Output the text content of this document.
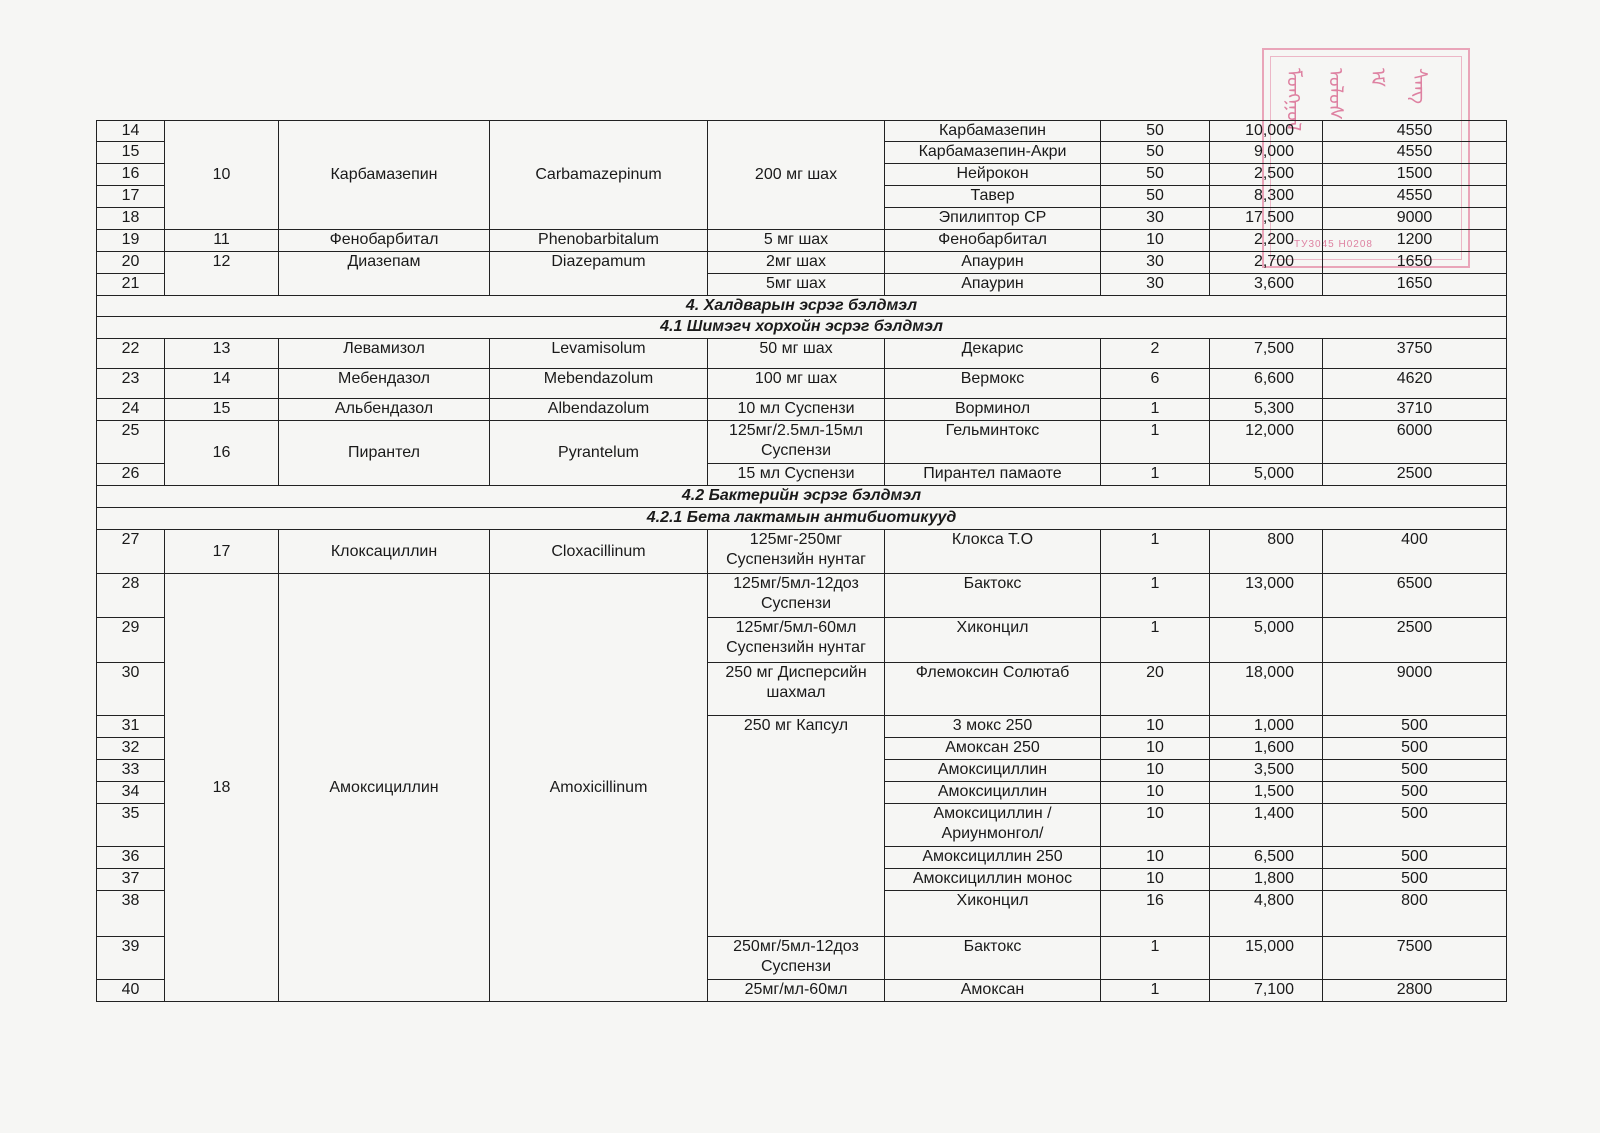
ᠮᠣᠩᠭᠣᠯ ᠤᠯᠤᠰ ᠡᠮ ᠰᠠᠩ
ТУ3045 Н0208
14	10	Карбамазепин	Carbamazepinum	200 мг шах	Карбамазепин	50	10,000	4550
15					Карбамазепин-Акри	50	9,000	4550
16					Нейрокон	50	2,500	1500
17					Тавер	50	8,300	4550
18					Эпилиптор СР	30	17,500	9000
19	11	Фенобарбитал	Phenobarbitalum	5 мг шах	Фенобарбитал	10	2,200	1200
20	12	Диазепам	Diazepamum	2мг шах	Апаурин	30	2,700	1650
21				5мг шах	Апаурин	30	3,600	1650
4. Халдварын эсрэг бэлдмэл								
4.1 Шимэгч хорхойн эсрэг бэлдмэл								
22	13	Левамизол	Levamisolum	50 мг шах	Декарис	2	7,500	3750
23	14	Мебендазол	Mebendazolum	100 мг шах	Вермокс	6	6,600	4620
24	15	Альбендазол	Albendazolum	10 мл Суспензи	Ворминол	1	5,300	3710
25	16	Пирантел	Pyrantelum	125мг/2.5мл-15мл Суспензи	Гельминтокс	1	12,000	6000
26				15 мл Суспензи	Пирантел памаоте	1	5,000	2500
4.2 Бактерийн эсрэг бэлдмэл								
4.2.1 Бета лактамын антибиотикууд								
27	17	Клоксациллин	Cloxacillinum	125мг-250мг Суспензийн нунтаг	Клокса Т.О	1	800	400
28	18	Амоксициллин	Amoxicillinum	125мг/5мл-12доз Суспензи	Бактокс	1	13,000	6500
29				125мг/5мл-60мл Суспензийн нунтаг	Хиконцил	1	5,000	2500
30				250 мг Дисперсийн шахмал	Флемоксин Солютаб	20	18,000	9000
31				250 мг Капсул	3 мокс 250	10	1,000	500
32					Амоксан 250	10	1,600	500
33					Амоксициллин	10	3,500	500
34					Амоксициллин	10	1,500	500
35					Амоксициллин /Ариунмонгол/	10	1,400	500
36					Амоксициллин 250	10	6,500	500
37					Амоксициллин монос	10	1,800	500
38					Хиконцил	16	4,800	800
39				250мг/5мл-12доз Суспензи	Бактокс	1	15,000	7500
40				25мг/мл-60мл	Амоксан	1	7,100	2800
